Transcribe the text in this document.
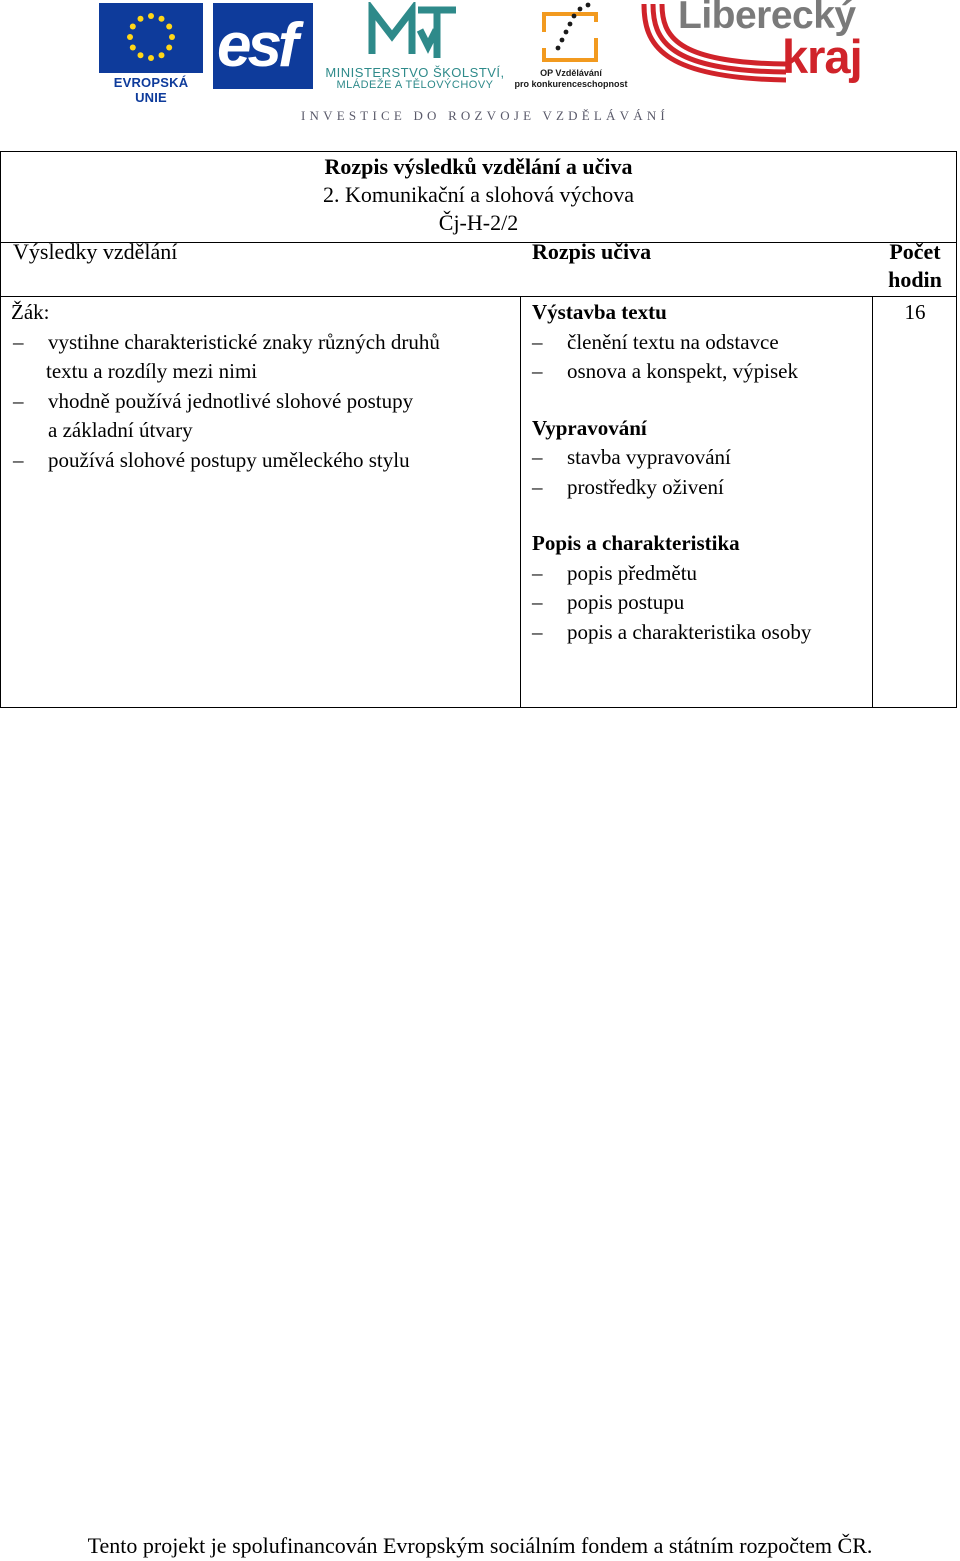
EVROPSKÁ UNIE
esf MINISTERSTVO ŠKOLSTVÍ,
MLÁDEŽE A TĚLOVÝCHOVY
OP Vzdělávání
pro konkurenceschopnost
Liberecký
kraj
INVESTICE DO ROZVOJE VZDĚLÁVÁNÍ
Rozpis výsledků vzdělání a učiva
2. Komunikační a slohová výchova
Čj-H-2/2
Výsledky vzdělání	Rozpis učiva	Počet
hodin
Žák:
– vystihne charakteristické znaky různých druhů
textu a rozdíly mezi nimi
– vhodně používá jednotlivé slohové postupy
a základní útvary
– používá slohové postupy uměleckého stylu
Výstavba textu
– členění textu na odstavce
– osnova a konspekt, výpisek
Vypravování
– stavba vypravování
– prostředky oživení
Popis a charakteristika
– popis předmětu
– popis postupu
– popis a charakteristika osoby
16
Tento projekt je spolufinancován Evropským sociálním fondem a státním rozpočtem ČR.
